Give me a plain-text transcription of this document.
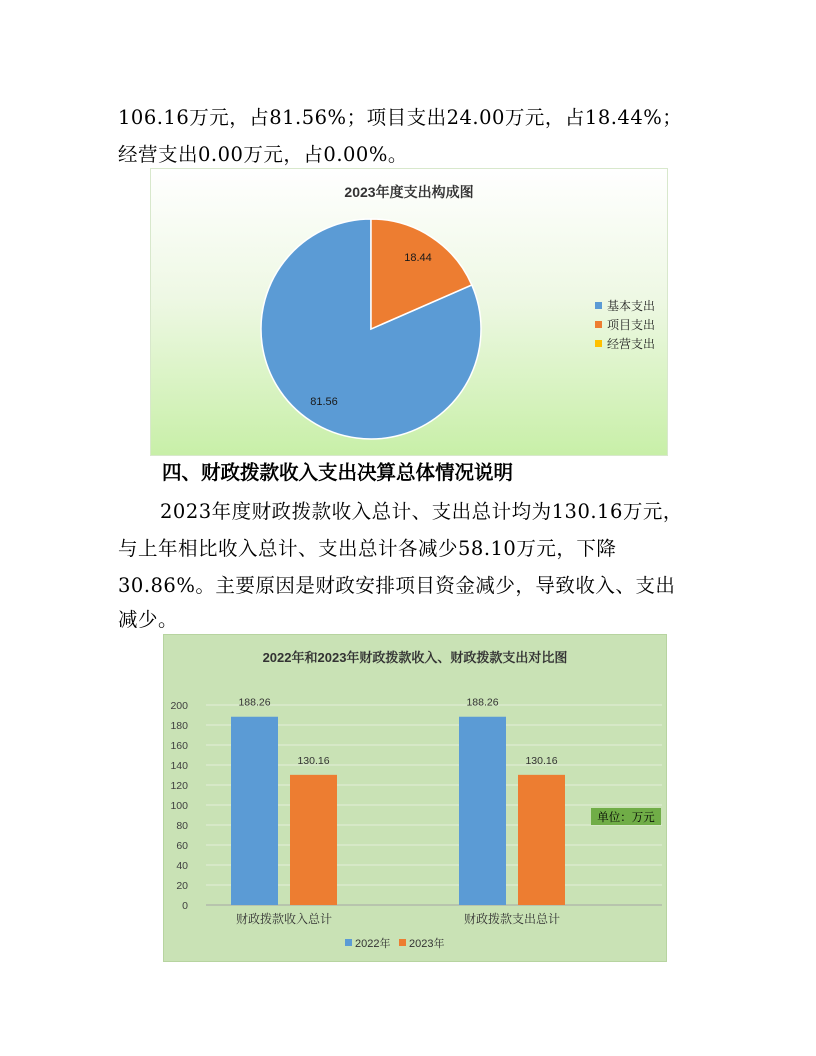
106.16万元，占81.56%；项目支出24.00万元，占18.44%；

经营支出0.00万元，占0.00%。

2023年度支出构成图
81.56
18.44
基本支出
项目支出
经营支出
四、财政拨款收入支出决算总体情况说明

2023年度财政拨款收入总计、支出总计均为130.16万元，

与上年相比收入总计、支出总计各减少58.10万元，下降

30.86%。主要原因是财政安排项目资金减少，导致收入、支出

减少。

2022年和2023年财政拨款收入、财政拨款支出对比图
0
20
40
60
80
100
120
140
160
180
200	188.26
130.16
财政拨款收入总计
188.26
130.16
财政拨款支出总计
2022年 2023年
单位：万元
